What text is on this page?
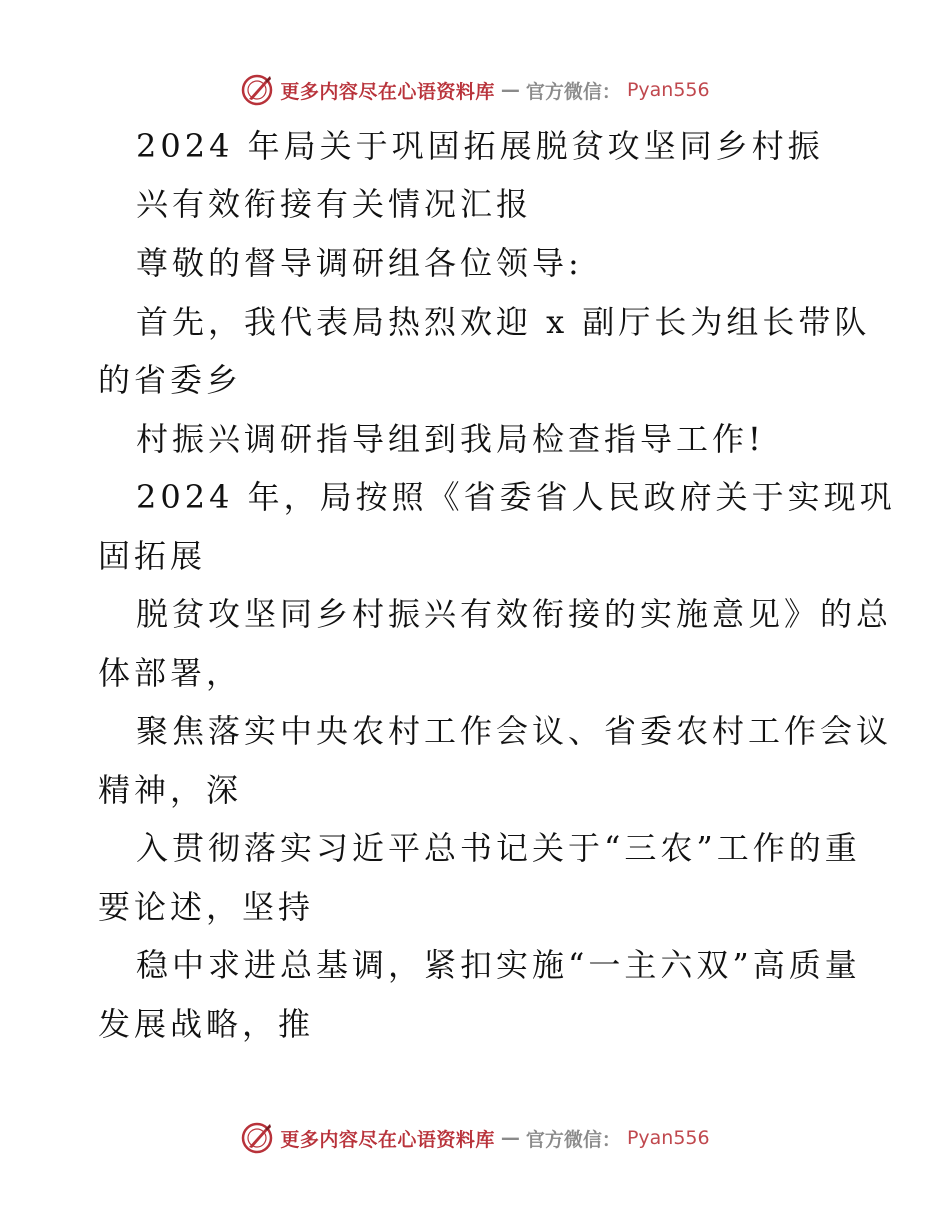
更多内容尽在心语资料库 — 官方微信： Pyan556
2024 年局关于巩固拓展脱贫攻坚同乡村振
兴有效衔接有关情况汇报
尊敬的督导调研组各位领导:
首先，我代表局热烈欢迎 x 副厅长为组长带队
的省委乡
村振兴调研指导组到我局检查指导工作!
2024 年，局按照《省委省人民政府关于实现巩
固拓展
脱贫攻坚同乡村振兴有效衔接的实施意见》的总
体部署，
聚焦落实中央农村工作会议、省委农村工作会议
精神，深
入贯彻落实习近平总书记关于“三农”工作的重
要论述，坚持
稳中求进总基调，紧扣实施“一主六双”高质量
发展战略，推
更多内容尽在心语资料库 — 官方微信： Pyan556
